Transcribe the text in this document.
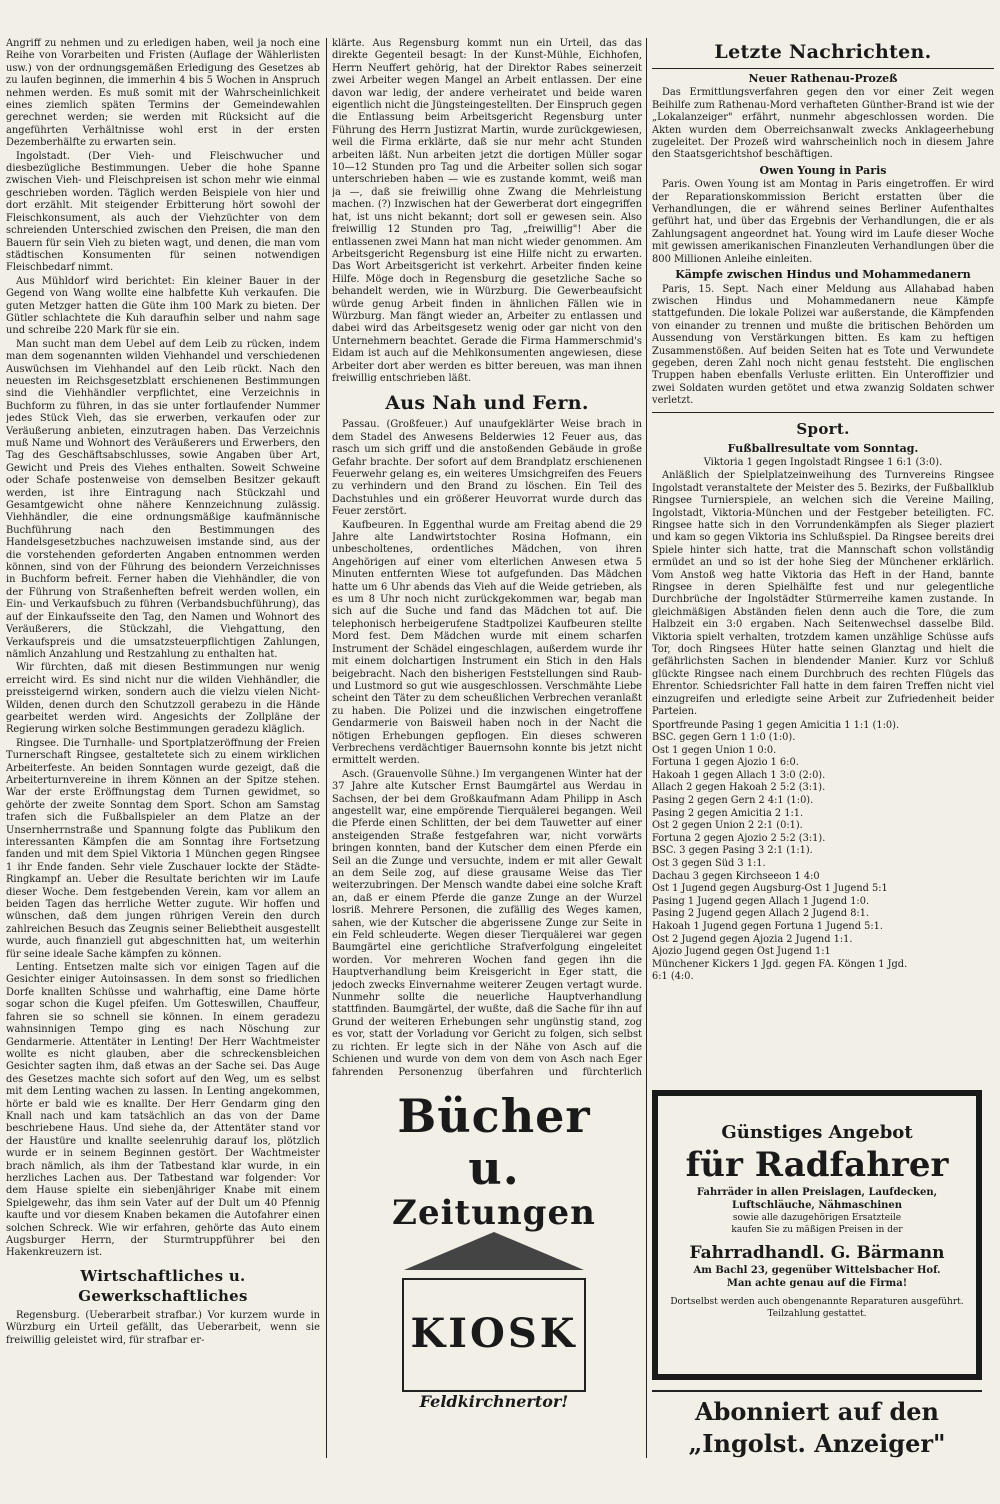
Angriff zu nehmen und zu erledigen haben, weil ja noch eine Reihe von Vorarbeiten und Fristen (Auflage der Wählerlisten usw.) von der ordnungsgemäßen Erledigung des Gesetzes ab zu laufen beginnen, die immerhin 4 bis 5 Wochen in Anspruch nehmen werden. Es muß somit mit der Wahrscheinlichkeit eines ziemlich späten Termins der Gemeindewahlen gerechnet werden; sie werden mit Rücksicht auf die angeführten Verhältnisse wohl erst in der ersten Dezemberhälfte zu erwarten sein.

Ingolstadt. (Der Vieh- und Fleischwucher und diesbezügliche Bestimmungen. Ueber die hohe Spanne zwischen Vieh- und Fleischpreisen ist schon mehr wie einmal geschrieben worden. Täglich werden Beispiele von hier und dort erzählt. Mit steigender Erbitterung hört sowohl der Fleischkonsument, als auch der Viehzüchter von dem schreienden Unterschied zwischen den Preisen, die man den Bauern für sein Vieh zu bieten wagt, und denen, die man vom städtischen Konsumenten für seinen notwendigen Fleischbedarf nimmt.

Aus Mühldorf wird berichtet: Ein kleiner Bauer in der Gegend von Wang wollte eine halbfette Kuh verkaufen. Die guten Metzger hatten die Güte ihm 100 Mark zu bieten. Der Gütler schlachtete die Kuh daraufhin selber und nahm sage und schreibe 220 Mark für sie ein.

Man sucht man dem Uebel auf dem Leib zu rücken, indem man dem sogenannten wilden Viehhandel und verschiedenen Auswüchsen im Viehhandel auf den Leib rückt. Nach den neuesten im Reichsgesetzblatt erschienenen Bestimmungen sind die Viehhändler verpflichtet, eine Verzeichnis in Buchform zu führen, in das sie unter fortlaufender Nummer jedes Stück Vieh, das sie erwerben, verkaufen oder zur Veräußerung anbieten, einzutragen haben. Das Verzeichnis muß Name und Wohnort des Veräußerers und Erwerbers, den Tag des Geschäftsabschlusses, sowie Angaben über Art, Gewicht und Preis des Viehes enthalten. Soweit Schweine oder Schafe postenweise von demselben Besitzer gekauft werden, ist ihre Eintragung nach Stückzahl und Gesamtgewicht ohne nähere Kennzeichnung zulässig. Viehhändler, die eine ordnungsmäßige kaufmännische Buchführung nach den Bestimmungen des Handelsgesetzbuches nachzuweisen imstande sind, aus der die vorstehenden geforderten Angaben entnommen werden können, sind von der Führung des beiondern Verzeichnisses in Buchform befreit. Ferner haben die Viehhändler, die von der Führung von Straßenheften befreit werden wollen, ein Ein- und Verkaufsbuch zu führen (Verbandsbuchführung), das auf der Einkaufsseite den Tag, den Namen und Wohnort des Veräußerers, die Stückzahl, die Viehgattung, den Verkaufspreis und die umsatzsteuerpflichtigen Zahlungen, nämlich Anzahlung und Restzahlung zu enthalten hat.

Wir fürchten, daß mit diesen Bestimmungen nur wenig erreicht wird. Es sind nicht nur die wilden Viehhändler, die preissteigernd wirken, sondern auch die vielzu vielen Nicht-Wilden, denen durch den Schutzzoll gerabezu in die Hände gearbeitet werden wird. Angesichts der Zollpläne der Regierung wirken solche Bestimmungen geradezu kläglich.

Ringsee. Die Turnhalle- und Sportplatzeröffnung der Freien Turnerschaft Ringsee, gestaltetete sich zu einem wirklichen Arbeiterfeste. An beiden Sonntagen wurde gezeigt, daß die Arbeiterturnvereine in ihrem Können an der Spitze stehen. War der erste Eröffnungstag dem Turnen gewidmet, so gehörte der zweite Sonntag dem Sport. Schon am Samstag trafen sich die Fußballspieler an dem Platze an der Unsernherrnstraße und Spannung folgte das Publikum den interessanten Kämpfen die am Sonntag ihre Fortsetzung fanden und mit dem Spiel Viktoria 1 München gegen Ringsee 1 ihr Ende fanden. Sehr viele Zuschauer lockte der Städte-Ringkampf an. Ueber die Resultate berichten wir im Laufe dieser Woche. Dem festgebenden Verein, kam vor allem an beiden Tagen das herrliche Wetter zugute. Wir hoffen und wünschen, daß dem jungen rührigen Verein den durch zahlreichen Besuch das Zeugnis seiner Beliebtheit ausgestellt wurde, auch finanziell gut abgeschnitten hat, um weiterhin für seine ideale Sache kämpfen zu können.

Lenting. Entsetzen malte sich vor einigen Tagen auf die Gesichter einiger Autoinsassen. In dem sonst so friedlichen Dorfe knallten Schüsse und wahrhaftig, eine Dame hörte sogar schon die Kugel pfeifen. Um Gotteswillen, Chauffeur, fahren sie so schnell sie können. In einem geradezu wahnsinnigen Tempo ging es nach Nöschung zur Gendarmerie. Attentäter in Lenting! Der Herr Wachtmeister wollte es nicht glauben, aber die schreckensbleichen Gesichter sagten ihm, daß etwas an der Sache sei. Das Auge des Gesetzes machte sich sofort auf den Weg, um es selbst mit dem Lenting wachen zu lassen. In Lenting angekommen, hörte er bald wie es knallte. Der Herr Gendarm ging den Knall nach und kam tatsächlich an das von der Dame beschriebene Haus. Und siehe da, der Attentäter stand vor der Haustüre und knallte seelenruhig darauf los, plötzlich wurde er in seinem Beginnen gestört. Der Wachtmeister brach nämlich, als ihm der Tatbestand klar wurde, in ein herzliches Lachen aus. Der Tatbestand war folgender: Vor dem Hause spielte ein siebenjähriger Knabe mit einem Spielgewehr, das ihm sein Vater auf der Dult um 40 Pfennig kaufte und vor diesem Knaben bekamen die Autofahrer einen solchen Schreck. Wie wir erfahren, gehörte das Auto einem Augsburger Herrn, der Sturmtruppführer bei den Hakenkreuzern ist.

Wirtschaftliches u. Gewerkschaftliches

Regensburg. (Ueberarbeit strafbar.) Vor kurzem wurde in Würzburg ein Urteil gefällt, das Ueberarbeit, wenn sie freiwillig geleistet wird, für strafbar er-

klärte. Aus Regensburg kommt nun ein Urteil, das das direkte Gegenteil besagt: In der Kunst-Mühle, Eichhofen, Herrn Neuffert gehörig, hat der Direktor Rabes seinerzeit zwei Arbeiter wegen Mangel an Arbeit entlassen. Der eine davon war ledig, der andere verheiratet und beide waren eigentlich nicht die Jüngsteingestellten. Der Einspruch gegen die Entlassung beim Arbeitsgericht Regensburg unter Führung des Herrn Justizrat Martin, wurde zurückgewiesen, weil die Firma erklärte, daß sie nur mehr acht Stunden arbeiten läßt. Nun arbeiten jetzt die dortigen Müller sogar 10—12 Stunden pro Tag und die Arbeiter sollen sich sogar unterschrieben haben — wie es zustande kommt, weiß man ja —, daß sie freiwillig ohne Zwang die Mehrleistung machen. (?) Inzwischen hat der Gewerberat dort eingegriffen hat, ist uns nicht bekannt; dort soll er gewesen sein. Also freiwillig 12 Stunden pro Tag, „freiwillig"! Aber die entlassenen zwei Mann hat man nicht wieder genommen. Am Arbeitsgericht Regensburg ist eine Hilfe nicht zu erwarten. Das Wort Arbeitsgericht ist verkehrt. Arbeiter finden keine Hilfe. Möge doch in Regensburg die gesetzliche Sache so behandelt werden, wie in Würzburg. Die Gewerbeaufsicht würde genug Arbeit finden in ähnlichen Fällen wie in Würzburg. Man fängt wieder an, Arbeiter zu entlassen und dabei wird das Arbeitsgesetz wenig oder gar nicht von den Unternehmern beachtet. Gerade die Firma Hammerschmid's Eidam ist auch auf die Mehlkonsumenten angewiesen, diese Arbeiter dort aber werden es bitter bereuen, was man ihnen freiwillig entschrieben läßt.

Aus Nah und Fern.

Passau. (Großfeuer.) Auf unaufgeklärter Weise brach in dem Stadel des Anwesens Belderwies 12 Feuer aus, das rasch um sich griff und die anstoßenden Gebäude in große Gefahr brachte. Der sofort auf dem Brandplatz erschienenen Feuerwehr gelang es, ein weiteres Umsichgreifen des Feuers zu verhindern und den Brand zu löschen. Ein Teil des Dachstuhles und ein größerer Heuvorrat wurde durch das Feuer zerstört.

Kaufbeuren. In Eggenthal wurde am Freitag abend die 29 Jahre alte Landwirtstochter Rosina Hofmann, ein unbescholtenes, ordentliches Mädchen, von ihren Angehörigen auf einer vom elterlichen Anwesen etwa 5 Minuten entfernten Wiese tot aufgefunden. Das Mädchen hatte um 6 Uhr abends das Vieh auf die Weide getrieben, als es um 8 Uhr noch nicht zurückgekommen war, begab man sich auf die Suche und fand das Mädchen tot auf. Die telephonisch herbeigerufene Stadtpolizei Kaufbeuren stellte Mord fest. Dem Mädchen wurde mit einem scharfen Instrument der Schädel eingeschlagen, außerdem wurde ihr mit einem dolchartigen Instrument ein Stich in den Hals beigebracht. Nach den bisherigen Feststellungen sind Raub- und Lustmord so gut wie ausgeschlossen. Verschmähte Liebe scheint den Täter zu dem scheußlichen Verbrechen veranlaßt zu haben. Die Polizei und die inzwischen eingetroffene Gendarmerie von Baisweil haben noch in der Nacht die nötigen Erhebungen gepflogen. Ein dieses schweren Verbrechens verdächtiger Bauernsohn konnte bis jetzt nicht ermittelt werden.

Asch. (Grauenvolle Sühne.) Im vergangenen Winter hat der 37 Jahre alte Kutscher Ernst Baumgärtel aus Werdau in Sachsen, der bei dem Großkaufmann Adam Philipp in Asch angestellt war, eine empörende Tierquälerei begangen. Weil die Pferde einen Schlitten, der bei dem Tauwetter auf einer ansteigenden Straße festgefahren war, nicht vorwärts bringen konnten, band der Kutscher dem einen Pferde ein Seil an die Zunge und versuchte, indem er mit aller Gewalt an dem Seile zog, auf diese grausame Weise das Tier weiterzubringen. Der Mensch wandte dabei eine solche Kraft an, daß er einem Pferde die ganze Zunge an der Wurzel losriß. Mehrere Personen, die zufällig des Weges kamen, sahen, wie der Kutscher die abgerissene Zunge zur Seite in ein Feld schleuderte. Wegen dieser Tierquälerei war gegen Baumgärtel eine gerichtliche Strafverfolgung eingeleitet worden. Vor mehreren Wochen fand gegen ihn die Hauptverhandlung beim Kreisgericht in Eger statt, die jedoch zwecks Einvernahme weiterer Zeugen vertagt wurde. Nunmehr sollte die neuerliche Hauptverhandlung stattfinden. Baumgärtel, der wußte, daß die Sache für ihn auf Grund der weiteren Erhebungen sehr ungünstig stand, zog es vor, statt der Vorladung vor Gericht zu folgen, sich selbst zu richten. Er legte sich in der Nähe von Asch auf die Schienen und wurde von dem von dem von Asch nach Eger fahrenden Personenzug überfahren und fürchterlich

Bücher u.
Zeitungen
KIOSK
Feldkirchnertor!
Letzte Nachrichten.
Neuer Rathenau-Prozeß

Das Ermittlungsverfahren gegen den vor einer Zeit wegen Beihilfe zum Rathenau-Mord verhafteten Günther-Brand ist wie der „Lokalanzeiger" erfährt, nunmehr abgeschlossen worden. Die Akten wurden dem Oberreichsanwalt zwecks Anklageerhebung zugeleitet. Der Prozeß wird wahrscheinlich noch in diesem Jahre den Staatsgerichtshof beschäftigen.

Owen Young in Paris

Paris. Owen Young ist am Montag in Paris eingetroffen. Er wird der Reparationskommission Bericht erstatten über die Verhandlungen, die er während seines Berliner Aufenthaltes geführt hat, und über das Ergebnis der Verhandlungen, die er als Zahlungsagent angeordnet hat. Young wird im Laufe dieser Woche mit gewissen amerikanischen Finanzleuten Verhandlungen über die 800 Millionen Anleihe einleiten.

Kämpfe zwischen Hindus und Mohammedanern

Paris, 15. Sept. Nach einer Meldung aus Allahabad haben zwischen Hindus und Mohammedanern neue Kämpfe stattgefunden. Die lokale Polizei war außerstande, die Kämpfenden von einander zu trennen und mußte die britischen Behörden um Aussendung von Verstärkungen bitten. Es kam zu heftigen Zusammenstößen. Auf beiden Seiten hat es Tote und Verwundete gegeben, deren Zahl noch nicht genau feststeht. Die englischen Truppen haben ebenfalls Verluste erlitten. Ein Unteroffizier und zwei Soldaten wurden getötet und etwa zwanzig Soldaten schwer verletzt.

Sport.
Fußballresultate vom Sonntag.

Viktoria 1 gegen Ingolstadt Ringsee 1 6:1 (3:0).

Anläßlich der Spielplatzeinweihung des Turnvereins Ringsee Ingolstadt veranstaltete der Meister des 5. Bezirks, der Fußballklub Ringsee Turnierspiele, an welchen sich die Vereine Mailing, Ingolstadt, Viktoria-München und der Festgeber beteiligten. FC. Ringsee hatte sich in den Vorrundenkämpfen als Sieger plaziert und kam so gegen Viktoria ins Schlußspiel. Da Ringsee bereits drei Spiele hinter sich hatte, trat die Mannschaft schon vollständig ermüdet an und so ist der hohe Sieg der Münchener erklärlich. Vom Anstoß weg hatte Viktoria das Heft in der Hand, bannte Ringsee in deren Spielhälfte fest und nur gelegentliche Durchbrüche der Ingolstädter Stürmerreihe kamen zustande. In gleichmäßigen Abständen fielen denn auch die Tore, die zum Halbzeit ein 3:0 ergaben. Nach Seitenwechsel dasselbe Bild. Viktoria spielt verhalten, trotzdem kamen unzählige Schüsse aufs Tor, doch Ringsees Hüter hatte seinen Glanztag und hielt die gefährlichsten Sachen in blendender Manier. Kurz vor Schluß glückte Ringsee nach einem Durchbruch des rechten Flügels das Ehrentor. Schiedsrichter Fall hatte in dem fairen Treffen nicht viel einzugreifen und erledigte seine Arbeit zur Zufriedenheit beider Parteien.

Sportfreunde Pasing 1 gegen Amicitia 1 1:1 (1:0).
BSC. gegen Gern 1 1:0 (1:0).
Ost 1 gegen Union 1 0:0.
Fortuna 1 gegen Ajozio 1 6:0.
Hakoah 1 gegen Allach 1 3:0 (2:0).
Allach 2 gegen Hakoah 2 5:2 (3:1).
Pasing 2 gegen Gern 2 4:1 (1:0).
Pasing 2 gegen Amicitia 2 1:1.
Ost 2 gegen Union 2 2:1 (0:1).
Fortuna 2 gegen Ajozio 2 5:2 (3:1).
BSC. 3 gegen Pasing 3 2:1 (1:1).
Ost 3 gegen Süd 3 1:1.
Dachau 3 gegen Kirchseeon 1 4:0
Ost 1 Jugend gegen Augsburg-Ost 1 Jugend 5:1
Pasing 1 Jugend gegen Allach 1 Jugend 1:0.
Pasing 2 Jugend gegen Allach 2 Jugend 8:1.
Hakoah 1 Jugend gegen Fortuna 1 Jugend 5:1.
Ost 2 Jugend gegen Ajozia 2 Jugend 1:1.
Ajozio Jugend gegen Ost Jugend 1:1
Münchener Kickers 1 Jgd. gegen FA. Köngen 1 Jgd.
6:1 (4:0.
Günstiges Angebot
für Radfahrer
Fahrräder in allen Preislagen, Laufdecken, Luftschläuche, Nähmaschinen
sowie alle dazugehörigen Ersatzteile
kaufen Sie zu mäßigen Preisen in der
Fahrradhandl. G. Bärmann
Am Bachl 23, gegenüber Wittelsbacher Hof.
Man achte genau auf die Firma!
Dortselbst werden auch obengenannte Reparaturen ausgeführt. Teilzahlung gestattet.
Abonniert auf den
„Ingolst. Anzeiger"
